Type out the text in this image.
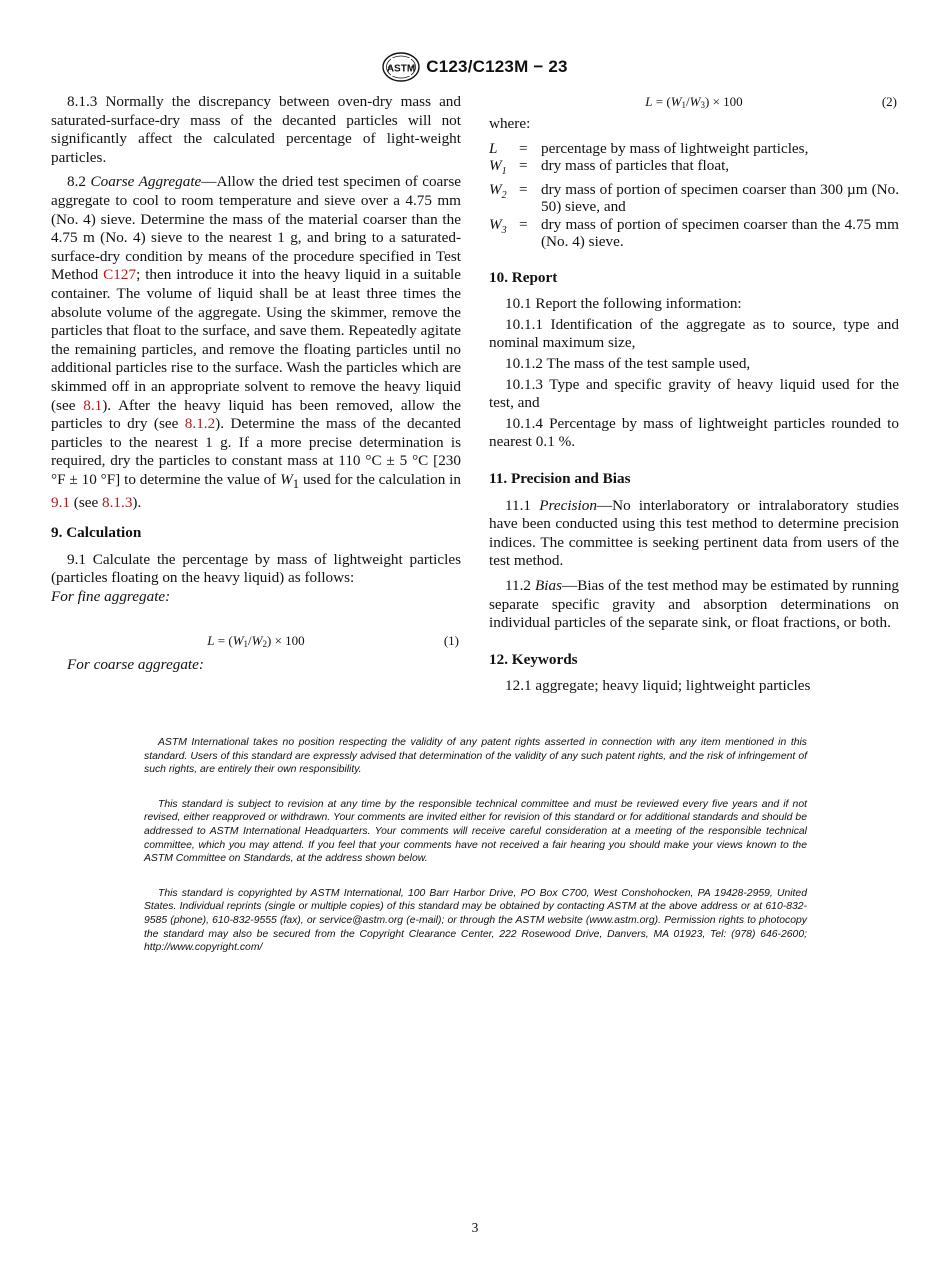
ASTM C123/C123M − 23

8.1.3 Normally the discrepancy between oven-dry mass and saturated-surface-dry mass of the decanted particles will not significantly affect the calculated percentage of light-weight particles.

8.2 Coarse Aggregate—Allow the dried test specimen of coarse aggregate to cool to room temperature and sieve over a 4.75 mm (No. 4) sieve. Determine the mass of the material coarser than the 4.75 m (No. 4) sieve to the nearest 1 g, and bring to a saturated-surface-dry condition by means of the procedure specified in Test Method C127; then introduce it into the heavy liquid in a suitable container. The volume of liquid shall be at least three times the absolute volume of the aggregate. Using the skimmer, remove the particles that float to the surface, and save them. Repeatedly agitate the remaining particles, and remove the floating particles until no additional particles rise to the surface. Wash the particles which are skimmed off in an appropriate solvent to remove the heavy liquid (see 8.1). After the heavy liquid has been removed, allow the particles to dry (see 8.1.2). Determine the mass of the decanted particles to the nearest 1 g. If a more precise determination is required, dry the particles to constant mass at 110 °C ± 5 °C [230 °F ± 10 °F] to determine the value of $W_1$ used for the calculation in 9.1 (see 8.1.3).

9. Calculation

9.1 Calculate the percentage by mass of lightweight particles (particles floating on the heavy liquid) as follows:

For fine aggregate:

$L = (W_1/W_2) \times 100$	(1)

For coarse aggregate:

$L = (W_1/W_3) \times 100$	(2)

where:

L	=	percentage by mass of lightweight particles,
$W_1$	=	dry mass of particles that float,
$W_2$	=	dry mass of portion of specimen coarser than 300 µm (No. 50) sieve, and
$W_3$	=	dry mass of portion of specimen coarser than the 4.75 mm (No. 4) sieve.
10. Report

10.1 Report the following information:

10.1.1 Identification of the aggregate as to source, type and nominal maximum size,

10.1.2 The mass of the test sample used,

10.1.3 Type and specific gravity of heavy liquid used for the test, and

10.1.4 Percentage by mass of lightweight particles rounded to nearest 0.1 %.

11. Precision and Bias

11.1 Precision—No interlaboratory or intralaboratory studies have been conducted using this test method to determine precision indices. The committee is seeking pertinent data from users of the test method.

11.2 Bias—Bias of the test method may be estimated by running separate specific gravity and absorption determinations on individual particles of the separate sink, or float fractions, or both.

12. Keywords

12.1 aggregate; heavy liquid; lightweight particles

ASTM International takes no position respecting the validity of any patent rights asserted in connection with any item mentioned in this standard. Users of this standard are expressly advised that determination of the validity of any such patent rights, and the risk of infringement of such rights, are entirely their own responsibility.

This standard is subject to revision at any time by the responsible technical committee and must be reviewed every five years and if not revised, either reapproved or withdrawn. Your comments are invited either for revision of this standard or for additional standards and should be addressed to ASTM International Headquarters. Your comments will receive careful consideration at a meeting of the responsible technical committee, which you may attend. If you feel that your comments have not received a fair hearing you should make your views known to the ASTM Committee on Standards, at the address shown below.

This standard is copyrighted by ASTM International, 100 Barr Harbor Drive, PO Box C700, West Conshohocken, PA 19428-2959, United States. Individual reprints (single or multiple copies) of this standard may be obtained by contacting ASTM at the above address or at 610-832-9585 (phone), 610-832-9555 (fax), or service@astm.org (e-mail); or through the ASTM website (www.astm.org). Permission rights to photocopy the standard may also be secured from the Copyright Clearance Center, 222 Rosewood Drive, Danvers, MA 01923, Tel: (978) 646-2600; http://www.copyright.com/

3
